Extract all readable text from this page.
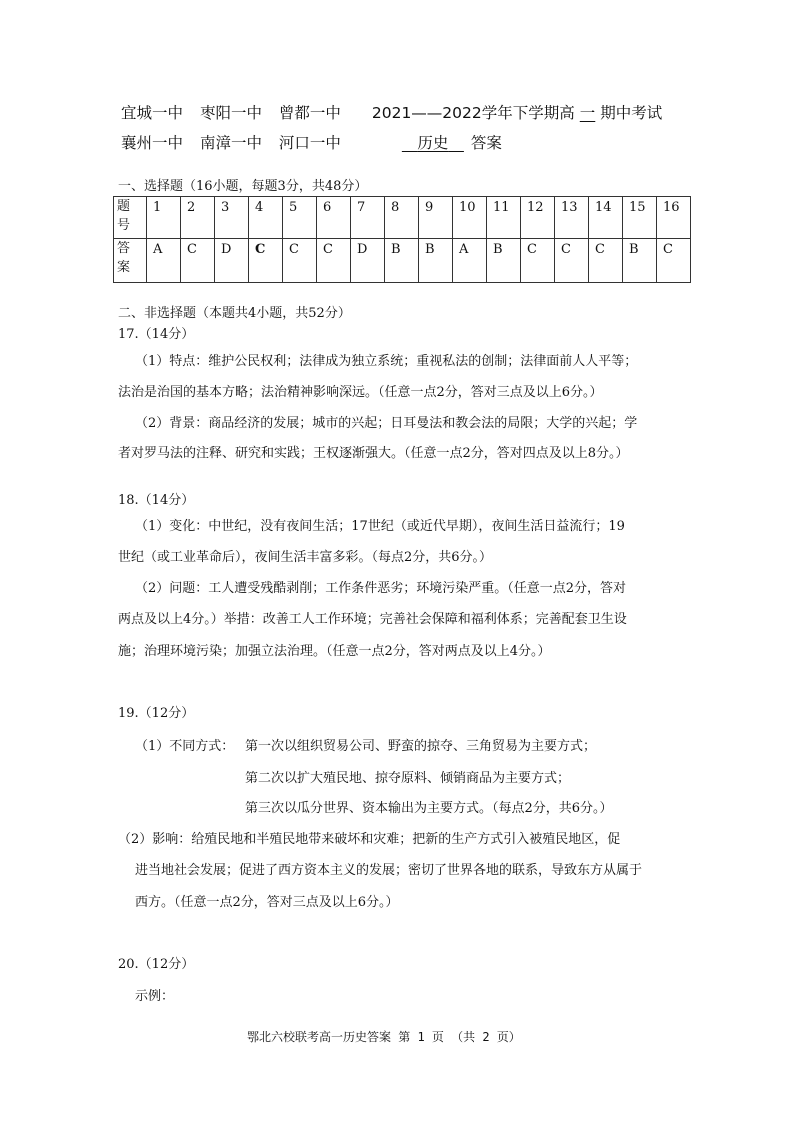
宜城一中 枣阳一中 曾都一中 2021——2022学年下学期高 一 期中考试
襄州一中 南漳一中 河口一中 　	历史　 答案
一、选择题（16小题，每题3分，共48分）
题
号	1	2	3	4	5	6	7	8	9	10	11	12	13	14	15	16
答
案	A	C	D	C	C	C	D	B	B	A	B	C	C	C	B	C
二、非选择题（本题共4小题，共52分）
17.（14分）
（1）特点：维护公民权利；法律成为独立系统；重视私法的创制；法律面前人人平等；
法治是治国的基本方略；法治精神影响深远。（任意一点2分，答对三点及以上6分。）
（2）背景：商品经济的发展；城市的兴起；日耳曼法和教会法的局限；大学的兴起；学
者对罗马法的注释、研究和实践；王权逐渐强大。（任意一点2分，答对四点及以上8分。）
18.（14分）
（1）变化：中世纪，没有夜间生活；17世纪（或近代早期），夜间生活日益流行；19
世纪（或工业革命后），夜间生活丰富多彩。（每点2分，共6分。）
（2）问题：工人遭受残酷剥削；工作条件恶劣；环境污染严重。（任意一点2分，答对
两点及以上4分。）举措：改善工人工作环境；完善社会保障和福利体系；完善配套卫生设
施；治理环境污染；加强立法治理。（任意一点2分，答对两点及以上4分。）
19.（12分）
（1）不同方式： 第一次以组织贸易公司、野蛮的掠夺、三角贸易为主要方式；
第二次以扩大殖民地、掠夺原料、倾销商品为主要方式；
第三次以瓜分世界、资本输出为主要方式。（每点2分，共6分。）
（2）影响：给殖民地和半殖民地带来破坏和灾难；把新的生产方式引入被殖民地区，促
进当地社会发展；促进了西方资本主义的发展；密切了世界各地的联系，导致东方从属于
西方。（任意一点2分，答对三点及以上6分。）
20.（12分）
示例：
鄂北六校联考高一历史答案 第 1 页 （共 2 页）
